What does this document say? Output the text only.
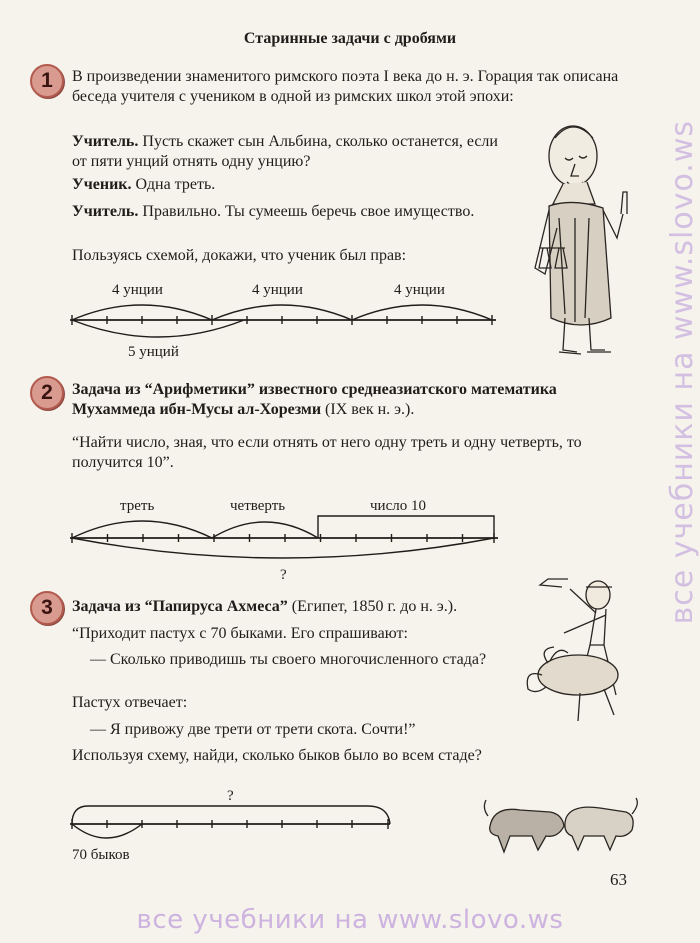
Старинные задачи с дробями
1	В произведении знаменитого римского поэта I века до н. э. Горация так описана беседа учителя с учеником в одной из римских школ этой эпохи:

Учитель. Пусть скажет сын Альбина, сколько останется, если от пяти унций отнять одну унцию?

Ученик. Одна треть.

Учитель. Правильно. Ты сумеешь беречь свое имущество.

Пользуясь схемой, докажи, что ученик был прав:

4 унции	4 унции	4 унции
5 унций
2	Задача из “Арифметики” известного среднеазиатского математика Мухаммеда ибн-Мусы ал-Хорезми (IX век н. э.).

“Найти число, зная, что если отнять от него одну треть и одну четверть, то получится 10”.

треть	четверть	число 10
?
3	Задача из “Папируса Ахмеса” (Египет, 1850 г. до н. э.).

“Приходит пастух с 70 быками. Его спрашивают:

— Сколько приводишь ты своего многочисленного стада?

Пастух отвечает:

— Я привожу две трети от трети скота. Сочти!”

Используя схему, найди, сколько быков было во всем стаде?

?
70 быков
все учебники на www.slovo.ws
63
все учебники на www.slovo.ws
